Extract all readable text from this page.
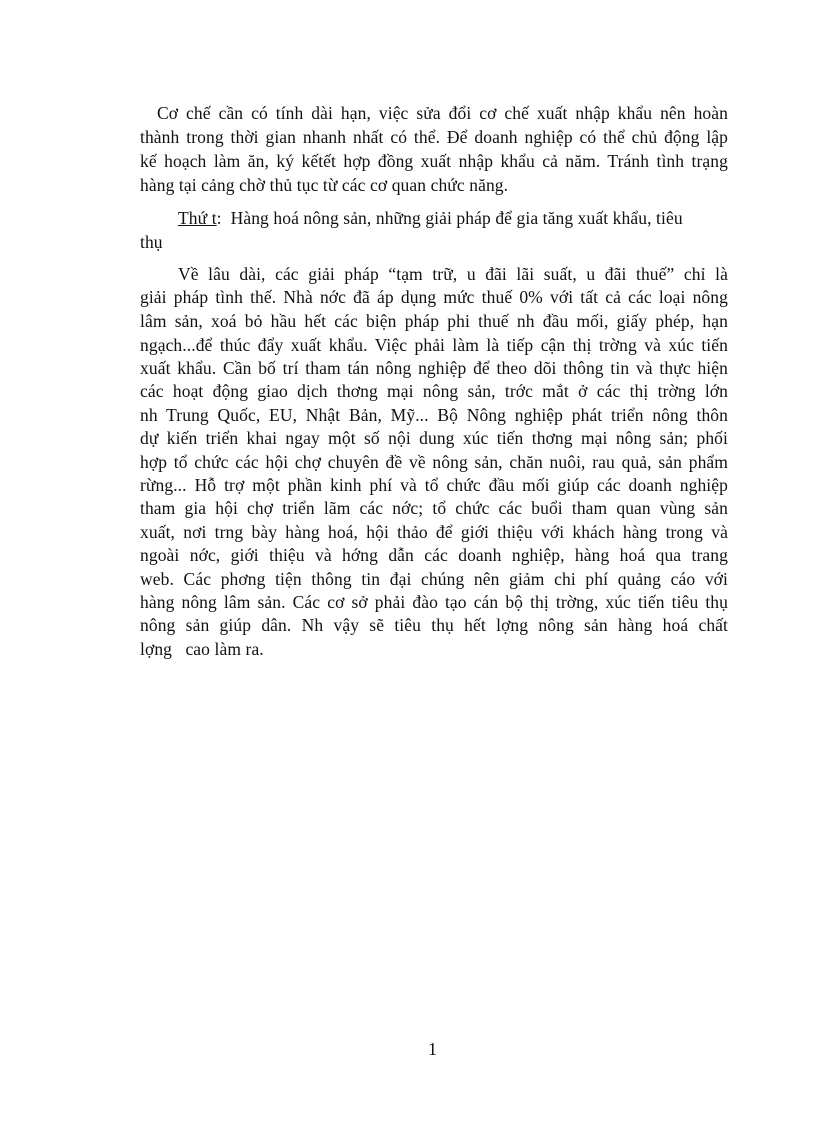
Cơ chế cần có tính dài hạn, việc sửa đổi cơ chế xuất nhập khẩu nên hoàn
thành trong thời gian nhanh nhất có thể. Để doanh nghiệp có thể chủ động lập
kế hoạch làm ăn, ký kếtết hợp đồng xuất nhập khẩu cả năm. Tránh tình trạng
hàng tại cảng chờ thủ tục từ các cơ quan chức năng.
Thứ t:  Hàng hoá nông sản, những giải pháp để gia tăng xuất khẩu, tiêu
thụ
Về lâu dài, các giải pháp “tạm trữ, u đãi lãi suất, u đãi thuế” chỉ là
giải pháp tình thế. Nhà nớc đã áp dụng mức thuế 0% với tất cả các loại nông
lâm sản, xoá bỏ hầu hết các biện pháp phi thuế nh đầu mối, giấy phép, hạn
ngạch...để thúc đẩy xuất khẩu. Việc phải làm là tiếp cận thị trờng và xúc tiến
xuất khẩu. Cần bố trí tham tán nông nghiệp để theo dõi thông tin và thực hiện
các hoạt động giao dịch thơng mại nông sản, trớc mắt ở các thị trờng lớn
nh Trung Quốc, EU, Nhật Bản, Mỹ... Bộ Nông nghiệp phát triển nông thôn
dự kiến triển khai ngay một số nội dung xúc tiến thơng mại nông sản; phối
hợp tổ chức các hội chợ chuyên đề về nông sản, chăn nuôi, rau quả, sản phẩm
rừng... Hỗ trợ một phần kinh phí và tổ chức đầu mối giúp các doanh nghiệp
tham gia hội chợ triển lãm các nớc; tổ chức các buổi tham quan vùng sản
xuất, nơi trng bày hàng hoá, hội thảo để giới thiệu với khách hàng trong và
ngoài nớc, giới thiệu và hớng dẫn các doanh nghiệp, hàng hoá qua trang
web. Các phơng tiện thông tin đại chúng nên giảm chi phí quảng cáo với
hàng nông lâm sản. Các cơ sở phải đào tạo cán bộ thị trờng, xúc tiến tiêu thụ
nông sản giúp dân. Nh vậy sẽ tiêu thụ hết lợng nông sản hàng hoá chất
lợng   cao làm ra.
1
